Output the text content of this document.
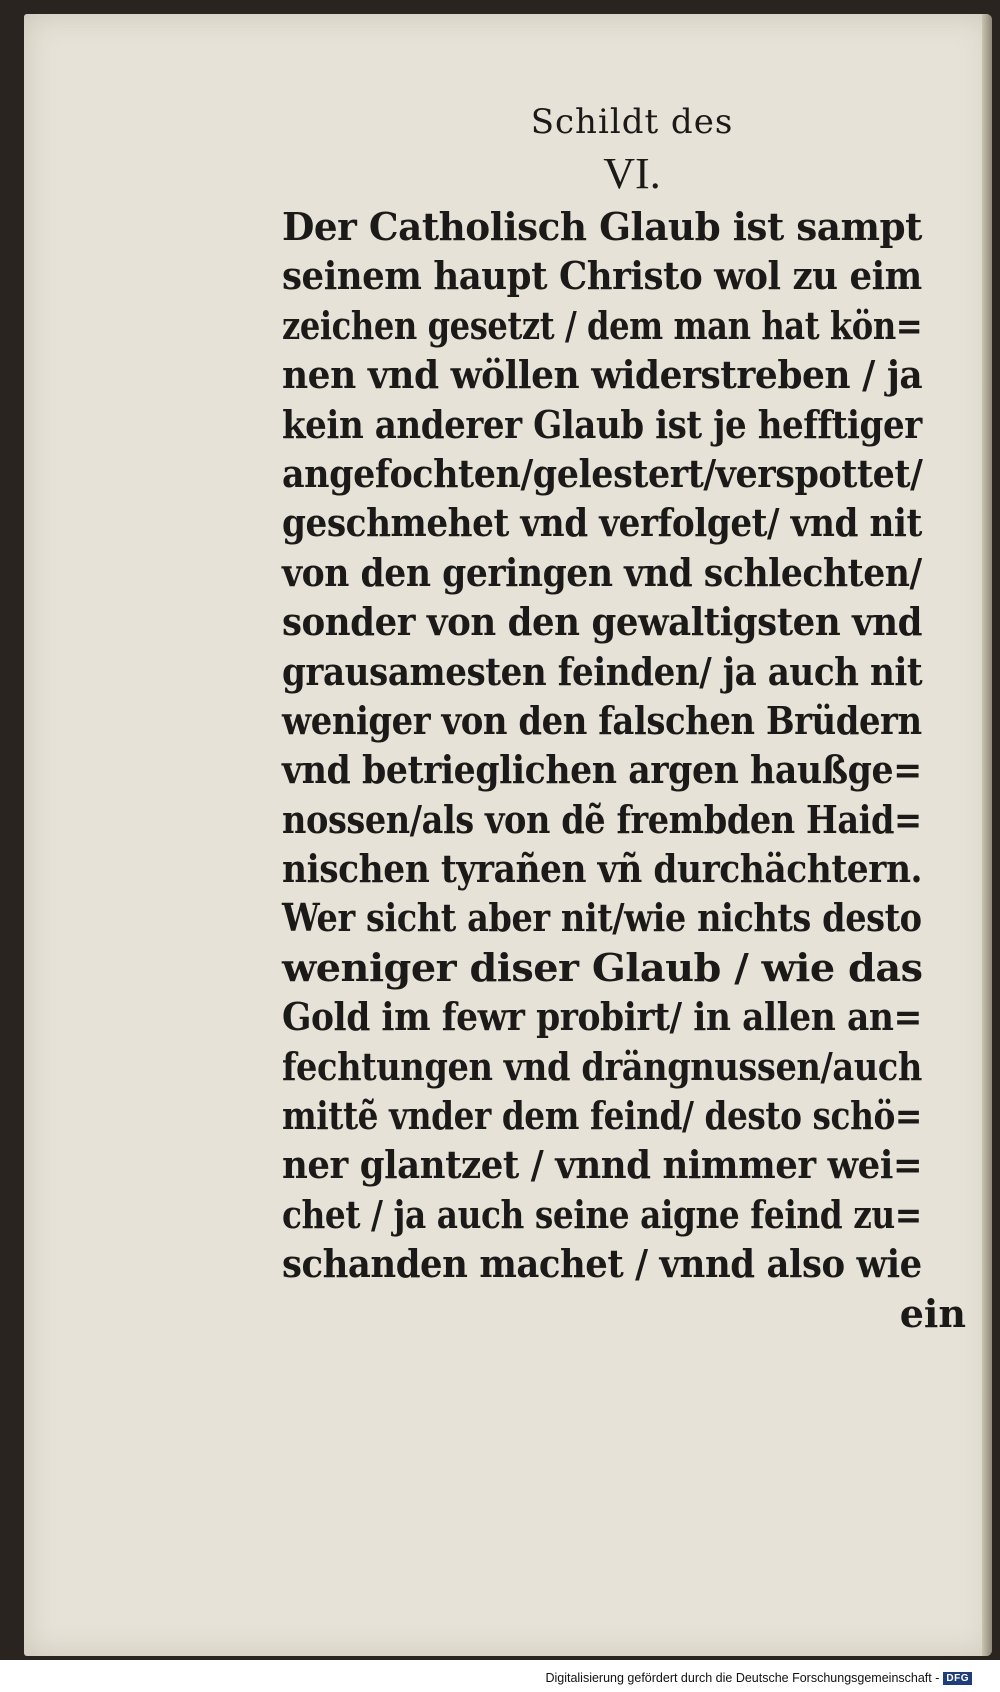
Schildt des
VI.
Der Catholisch Glaub ist sampt
seinem haupt Christo wol zu eim
zeichen gesetzt / dem man hat kön=
nen vnd wöllen widerstreben / ja
kein anderer Glaub ist je hefftiger
angefochten/gelestert/verspottet/
geschmehet vnd verfolget/ vnd nit
von den geringen vnd schlechten/
sonder von den gewaltigsten vnd
grausamesten feinden/ ja auch nit
weniger von den falschen Brüdern
vnd betrieglichen argen haußge=
nossen/als von dẽ frembden Haid=
nischen tyrañen vñ durchächtern.
Wer sicht aber nit/wie nichts desto
weniger diser Glaub / wie das
Gold im fewr probirt/ in allen an=
fechtungen vnd drängnussen/auch
mittẽ vnder dem feind/ desto schö=
ner glantzet / vnnd nimmer wei=
chet / ja auch seine aigne feind zu=
schanden machet / vnnd also wie
ein
Digitalisierung gefördert durch die Deutsche Forschungsgemeinschaft - DFG
